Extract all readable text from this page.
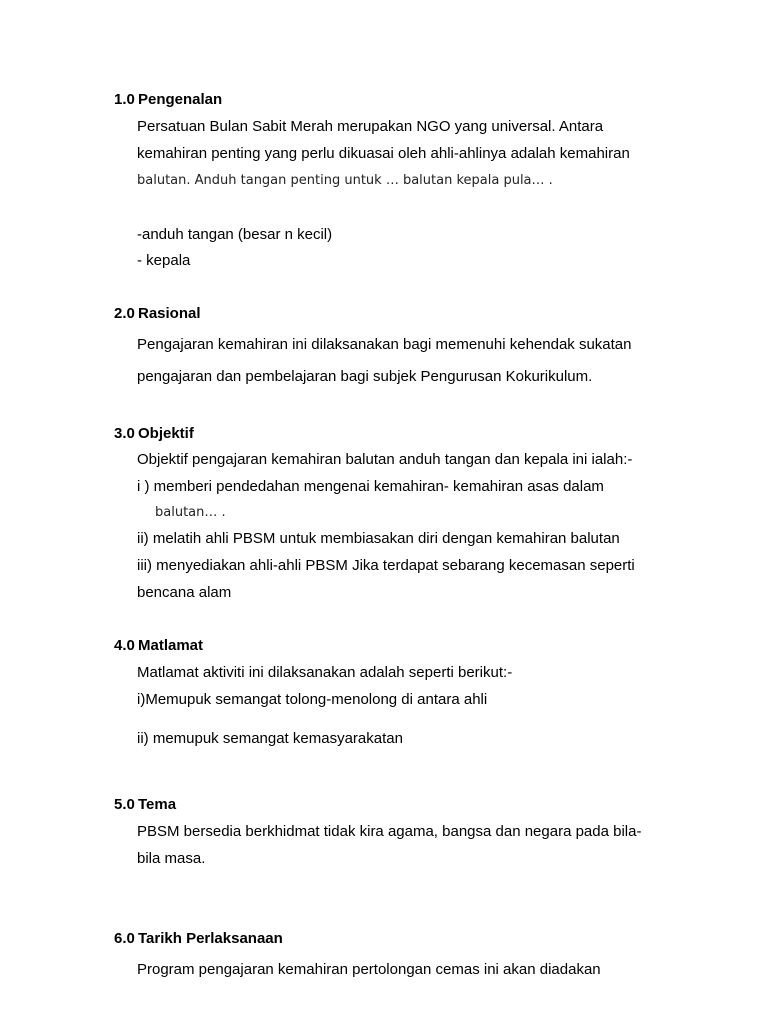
1.0 Pengenalan
Persatuan Bulan Sabit Merah merupakan NGO yang universal. Antara
kemahiran penting yang perlu dikuasai oleh ahli-ahlinya adalah kemahiran
balutan. Anduh tangan penting untuk … balutan kepala pula… .
-anduh tangan (besar n kecil)
- kepala
2.0 Rasional
Pengajaran kemahiran ini dilaksanakan bagi memenuhi kehendak sukatan
pengajaran dan pembelajaran bagi subjek Pengurusan Kokurikulum.
3.0 Objektif
Objektif pengajaran kemahiran balutan anduh tangan dan kepala ini ialah:-
i ) memberi pendedahan mengenai kemahiran- kemahiran asas dalam
balutan… .
ii) melatih ahli PBSM untuk membiasakan diri dengan kemahiran balutan
iii) menyediakan ahli-ahli PBSM Jika terdapat sebarang kecemasan seperti
bencana alam
4.0 Matlamat
Matlamat aktiviti ini dilaksanakan adalah seperti berikut:-
i)Memupuk semangat tolong-menolong di antara ahli
ii) memupuk semangat kemasyarakatan
5.0 Tema
PBSM bersedia berkhidmat tidak kira agama, bangsa dan negara pada bila-
bila masa.
6.0 Tarikh Perlaksanaan
Program pengajaran kemahiran pertolongan cemas ini akan diadakan
